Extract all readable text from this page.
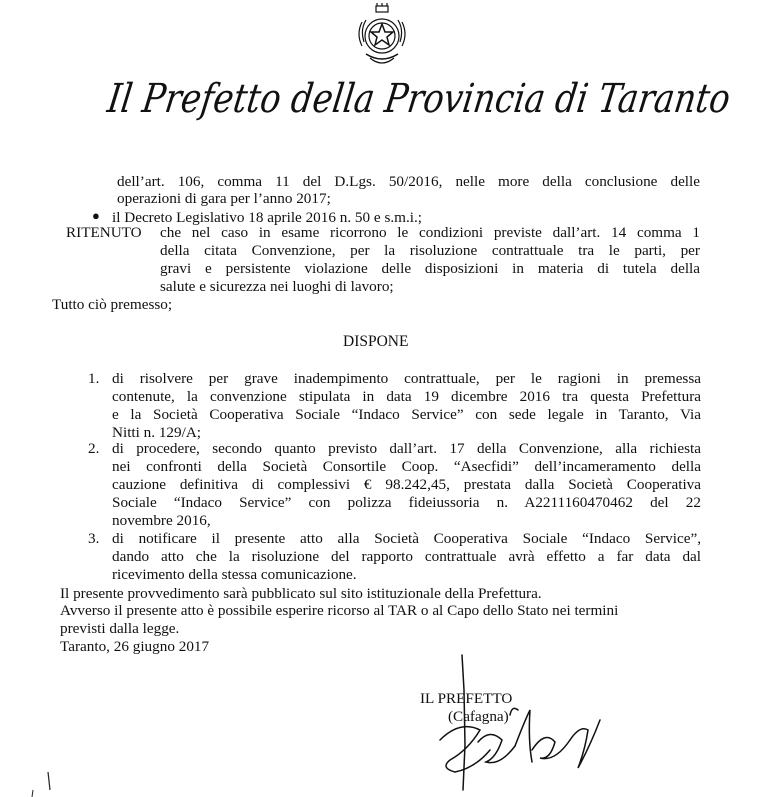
Il Prefetto della Provincia di Taranto
dell’art. 106, comma 11 del D.Lgs. 50/2016, nelle more della conclusione delle
operazioni di gara per l’anno 2017;
● il Decreto Legislativo 18 aprile 2016 n. 50 e s.m.i.;
RITENUTO che nel caso in esame ricorrono le condizioni previste dall’art. 14 comma 1
della citata Convenzione, per la risoluzione contrattuale tra le parti, per
gravi e persistente violazione delle disposizioni in materia di tutela della
salute e sicurezza nei luoghi di lavoro;
Tutto ciò premesso;
DISPONE
1. di risolvere per grave inadempimento contrattuale, per le ragioni in premessa
contenute, la convenzione stipulata in data 19 dicembre 2016 tra questa Prefettura
e la Società Cooperativa Sociale “Indaco Service” con sede legale in Taranto, Via
Nitti n. 129/A;
2. di procedere, secondo quanto previsto dall’art. 17 della Convenzione, alla richiesta
nei confronti della Società Consortile Coop. “Asecfidi” dell’incameramento della
cauzione definitiva di complessivi € 98.242,45, prestata dalla Società Cooperativa
Sociale “Indaco Service” con polizza fideiussoria n. A2211160470462 del 22
novembre 2016,
3. di notificare il presente atto alla Società Cooperativa Sociale “Indaco Service”,
dando atto che la risoluzione del rapporto contrattuale avrà effetto a far data dal
ricevimento della stessa comunicazione.
Il presente provvedimento sarà pubblicato sul sito istituzionale della Prefettura.
Avverso il presente atto è possibile esperire ricorso al TAR o al Capo dello Stato nei termini
previsti dalla legge.
Taranto, 26 giugno 2017
IL PREFETTO
(Cafagna)
